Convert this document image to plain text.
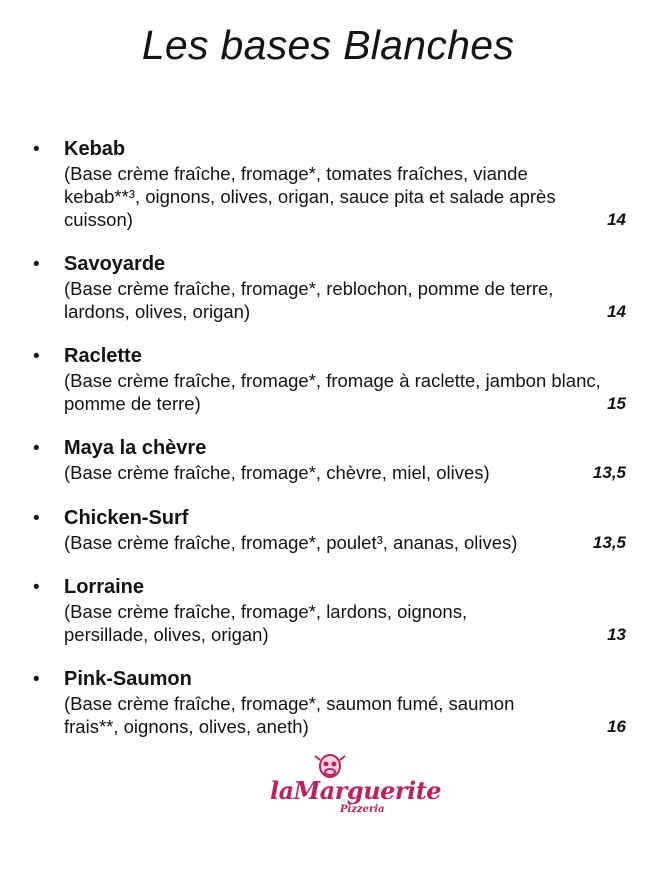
Les bases Blanches
• Kebab
(Base crème fraîche, fromage*, tomates fraîches, viande kebab**³, oignons, olives, origan, sauce pita et salade après cuisson)	14
• Savoyarde
(Base crème fraîche, fromage*, reblochon, pomme de terre, lardons, olives, origan)	14
• Raclette
(Base crème fraîche, fromage*, fromage à raclette, jambon blanc, pomme de terre)	15
• Maya la chèvre
(Base crème fraîche, fromage*, chèvre, miel, olives)	13,5
• Chicken-Surf
(Base crème fraîche, fromage*, poulet³, ananas, olives)	13,5
• Lorraine
(Base crème fraîche, fromage*, lardons, oignons, persillade, olives, origan)	13
• Pink-Saumon
(Base crème fraîche, fromage*, saumon fumé, saumon frais**, oignons, olives, aneth)	16
laMarguerite
Pizzeria
